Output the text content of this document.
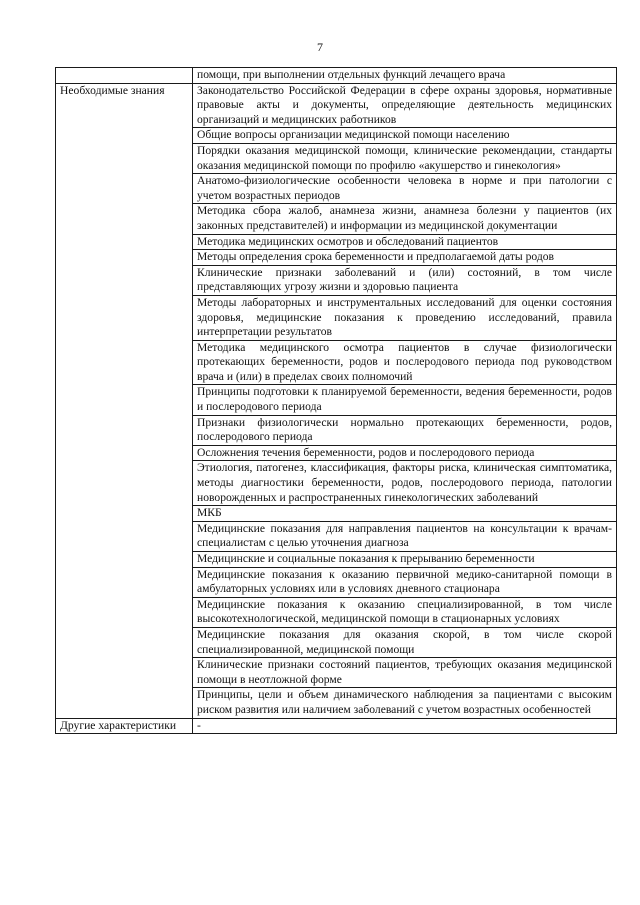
7
	помощи, при выполнении отдельных функций лечащего врача
Необходимые знания	Законодательство Российской Федерации в сфере охраны здоровья, нормативные правовые акты и документы, определяющие деятельность медицинских организаций и медицинских работников
	Общие вопросы организации медицинской помощи населению
	Порядки оказания медицинской помощи, клинические рекомендации, стандарты оказания медицинской помощи по профилю «акушерство и гинекология»
	Анатомо-физиологические особенности человека в норме и при патологии с учетом возрастных периодов
	Методика сбора жалоб, анамнеза жизни, анамнеза болезни у пациентов (их законных представителей) и информации из медицинской документации
	Методика медицинских осмотров и обследований пациентов
	Методы определения срока беременности и предполагаемой даты родов
	Клинические признаки заболеваний и (или) состояний, в том числе представляющих угрозу жизни и здоровью пациента
	Методы лабораторных и инструментальных исследований для оценки состояния здоровья, медицинские показания к проведению исследований, правила интерпретации результатов
	Методика медицинского осмотра пациентов в случае физиологически протекающих беременности, родов и послеродового периода под руководством врача и (или) в пределах своих полномочий
	Принципы подготовки к планируемой беременности, ведения беременности, родов и послеродового периода
	Признаки физиологически нормально протекающих беременности, родов, послеродового периода
	Осложнения течения беременности, родов и послеродового периода
	Этиология, патогенез, классификация, факторы риска, клиническая симптоматика, методы диагностики беременности, родов, послеродового периода, патологии новорожденных и распространенных гинекологических заболеваний
	МКБ
	Медицинские показания для направления пациентов на консультации к врачам-специалистам с целью уточнения диагноза
	Медицинские и социальные показания к прерыванию беременности
	Медицинские показания к оказанию первичной медико-санитарной помощи в амбулаторных условиях или в условиях дневного стационара
	Медицинские показания к оказанию специализированной, в том числе высокотехнологической, медицинской помощи в стационарных условиях
	Медицинские показания для оказания скорой, в том числе скорой специализированной, медицинской помощи
	Клинические признаки состояний пациентов, требующих оказания медицинской помощи в неотложной форме
	Принципы, цели и объем динамического наблюдения за пациентами с высоким риском развития или наличием заболеваний с учетом возрастных особенностей
Другие характеристики	-
